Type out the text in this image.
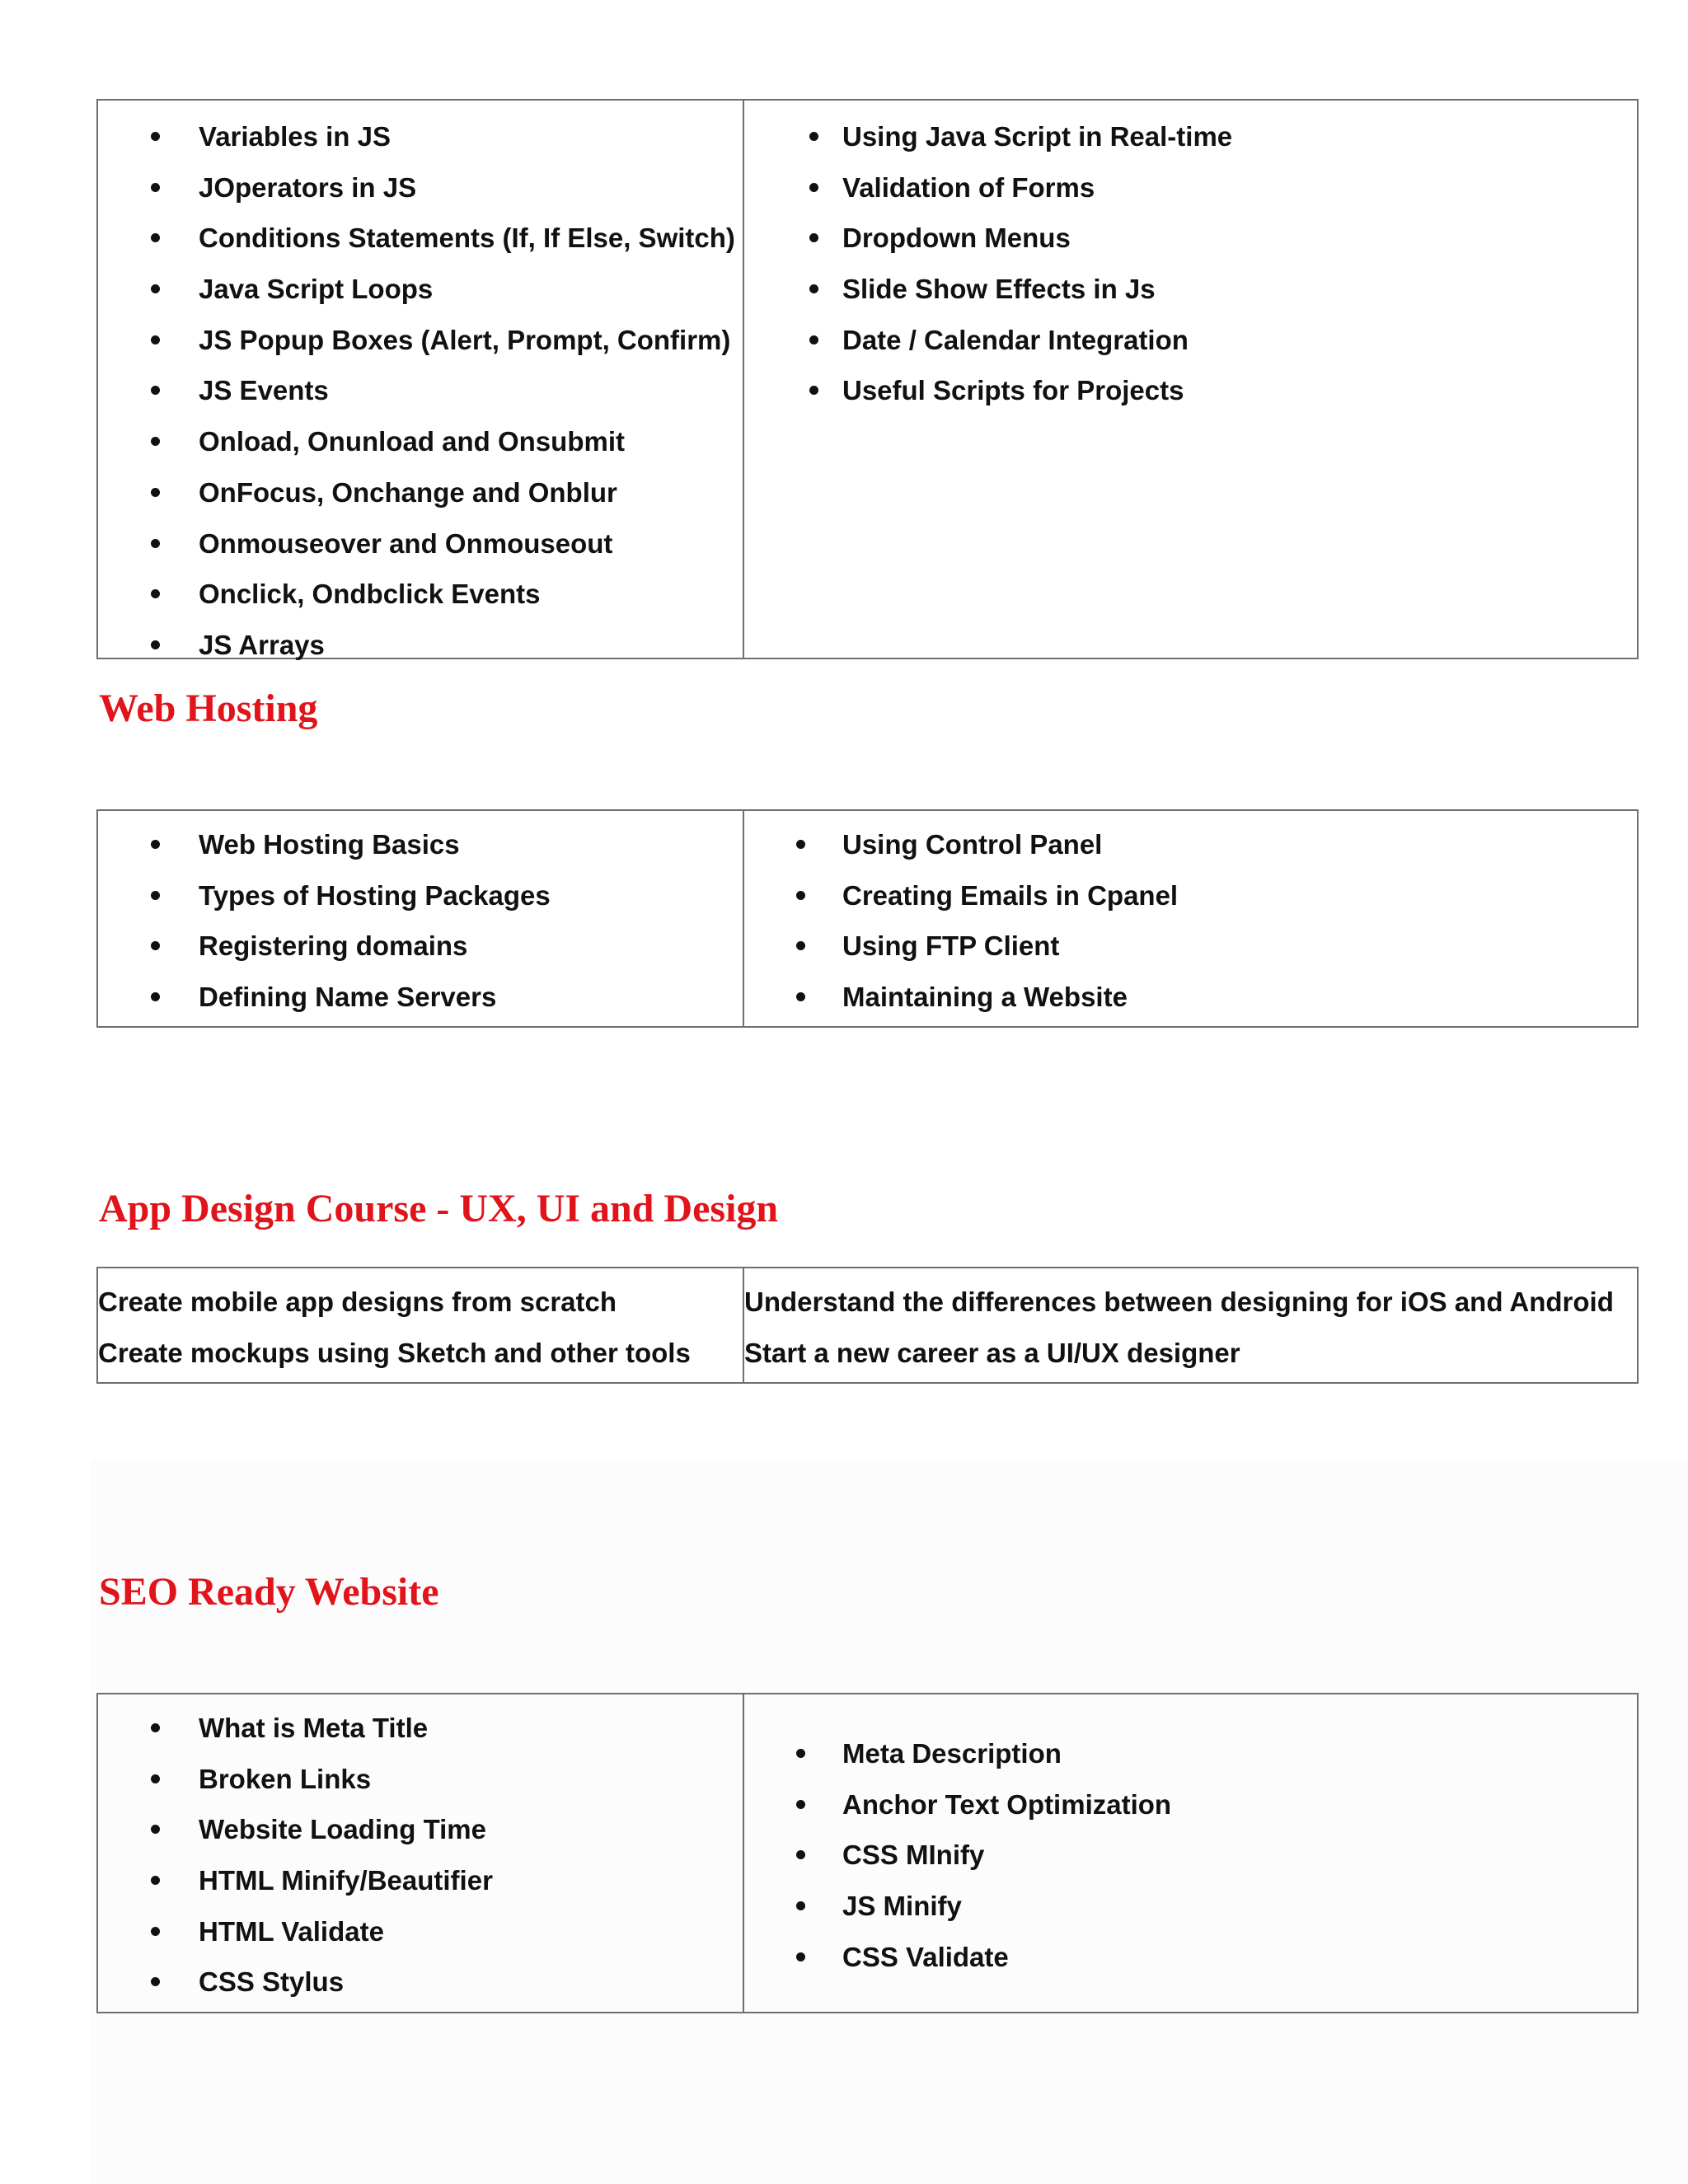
Variables in JS
JOperators in JS
Conditions Statements (If, If Else, Switch)
Java Script Loops
JS Popup Boxes (Alert, Prompt, Confirm)
JS Events
Onload, Onunload and Onsubmit
OnFocus, Onchange and Onblur
Onmouseover and Onmouseout
Onclick, Ondbclick Events
JS Arrays
Using Java Script in Real-time
Validation of Forms
Dropdown Menus
Slide Show Effects in Js
Date / Calendar Integration
Useful Scripts for Projects
Web Hosting
Web Hosting Basics
Types of Hosting Packages
Registering domains
Defining Name Servers
Using Control Panel
Creating Emails in Cpanel
Using FTP Client
Maintaining a Website
App Design Course - UX, UI and Design

Create mobile app designs from scratch

Create mockups using Sketch and other tools

Understand the differences between designing for iOS and Android

Start a new career as a UI/UX designer

SEO Ready Website
What is Meta Title
Broken Links
Website Loading Time
HTML Minify/Beautifier
HTML Validate
CSS Stylus
Meta Description
Anchor Text Optimization
CSS MInify
JS Minify
CSS Validate
